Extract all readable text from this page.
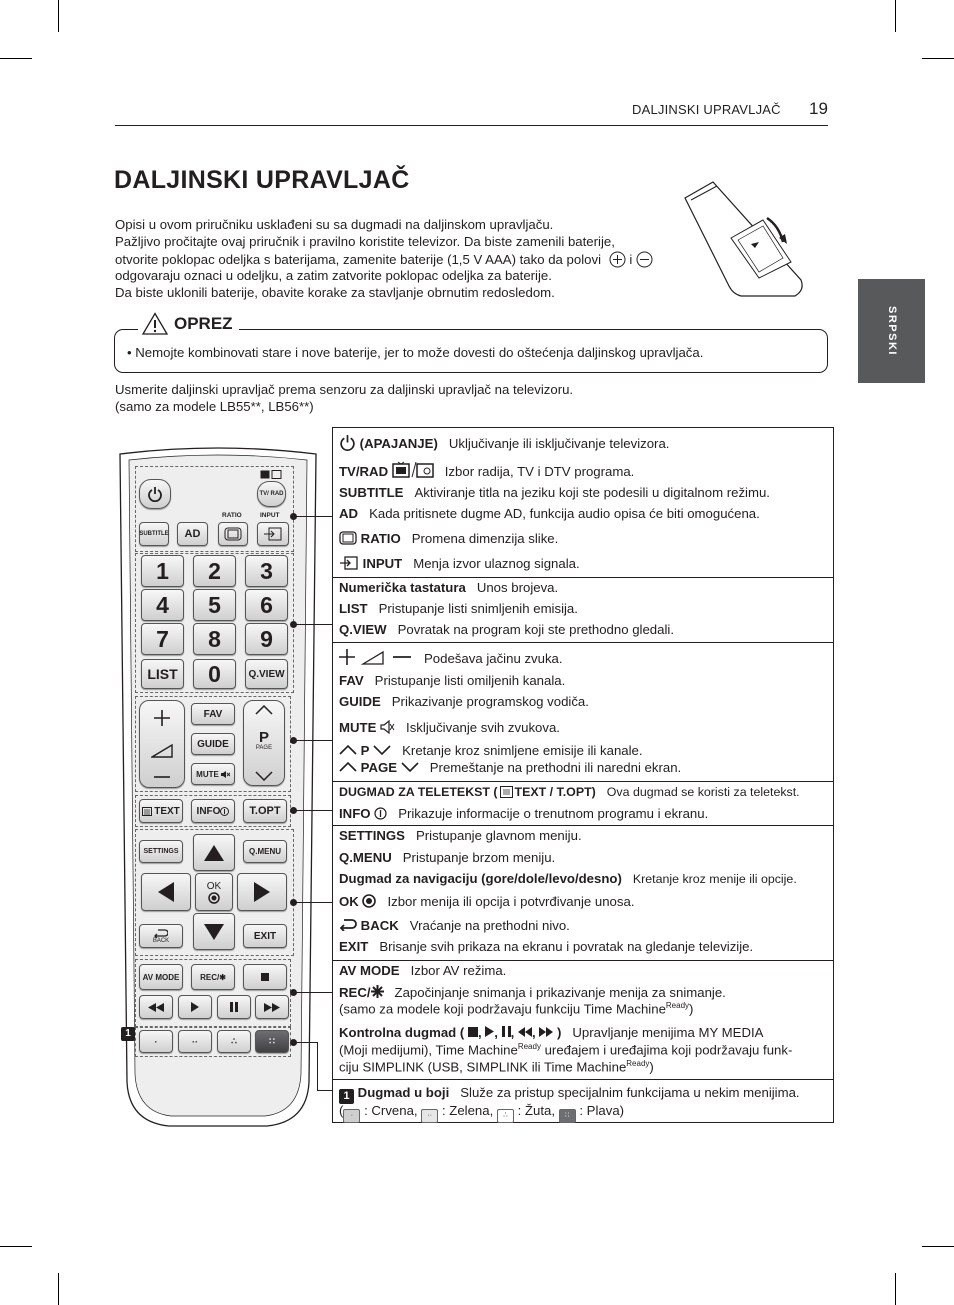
DALJINSKI UPRAVLJAČ 19
SRPSKI
DALJINSKI UPRAVLJAČ
Opisi u ovom priručniku usklađeni su sa dugmadi na daljinskom upravljaču.
Pažljivo pročitajte ovaj priručnik i pravilno koristite televizor. Da biste zamenili baterije,
otvorite poklopac odeljka s baterijama, zamenite baterije (1,5 V AAA) tako da polovi i
odgovaraju oznaci u odeljku, a zatim zatvorite poklopac odeljka za baterije.
Da biste uklonili baterije, obavite korake za stavljanje obrnutim redosledom.
• Nemojte kombinovati stare i nove baterije, jer to može dovesti do oštećenja daljinskog upravljača.
OPREZ
Usmerite daljinski upravljač prema senzoru za daljinski upravljač na televizoru.
(samo za modele LB55**, LB56**)
TV/ RAD
RATIO	INPUT
SUBTITLE AD
1 2 3
4 5 6
7 8 9
LIST 0	Q.VIEW
FAV
GUIDE
MUTE
P
PAGE
TEXT INFO	T.OPT
SETTINGS	Q.MENU
OK
BACK	EXIT
AV MODE	REC/✱
1
·	··	∴	∷
(APAJANJE) Uključivanje ili isključivanje televizora.
TV/RAD	Izbor radija, TV i DTV programa.
SUBTITLE Aktiviranje titla na jeziku koji ste podesili u digitalnom režimu.
AD Kada pritisnete dugme AD, funkcija audio opisa će biti omogućena.
RATIO Promena dimenzija slike.
INPUT Menja izvor ulaznog signala.
Numerička tastatura Unos brojeva.
LIST Pristupanje listi snimljenih emisija.
Q.VIEW Povratak na program koji ste prethodno gledali.
Podešava jačinu zvuka.
FAV Pristupanje listi omiljenih kanala.
GUIDE Prikazivanje programskog vodiča.
MUTE Isključivanje svih zvukova.
P Kretanje kroz snimljene emisije ili kanale.
PAGE Premeštanje na prethodni ili naredni ekran.
DUGMAD ZA TELETEKST ( TEXT / T.OPT) Ova dugmad se koristi za teletekst.
INFO Prikazuje informacije o trenutnom programu i ekranu.
SETTINGS Pristupanje glavnom meniju.
Q.MENU Pristupanje brzom meniju.
Dugmad za navigaciju (gore/dole/levo/desno) Kretanje kroz menije ili opcije.
OK Izbor menija ili opcija i potvrđivanje unosa.
BACK Vraćanje na prethodni nivo.
EXIT Brisanje svih prikaza na ekranu i povratak na gledanje televizije.
AV MODE Izbor AV režima.
REC/ Započinjanje snimanja i prikazivanje menija za snimanje.
(samo za modele koji podržavaju funkciju Time Machine$^{Ready}$)
Kontrolna dugmad ( , , , , ) Upravljanje menijima MY MEDIA
(Moji medijumi), Time Machine$^{Ready}$ uređajem i uređajima koji podržavaju funk-
ciju SIMPLINK (USB, SIMPLINK ili Time Machine$^{Ready}$)
1 Dugmad u boji Služe za pristup specijalnim funkcijama u nekim menijima.
( · : Crvena, ·· : Zelena, ∴ : Žuta, ∷ : Plava)
